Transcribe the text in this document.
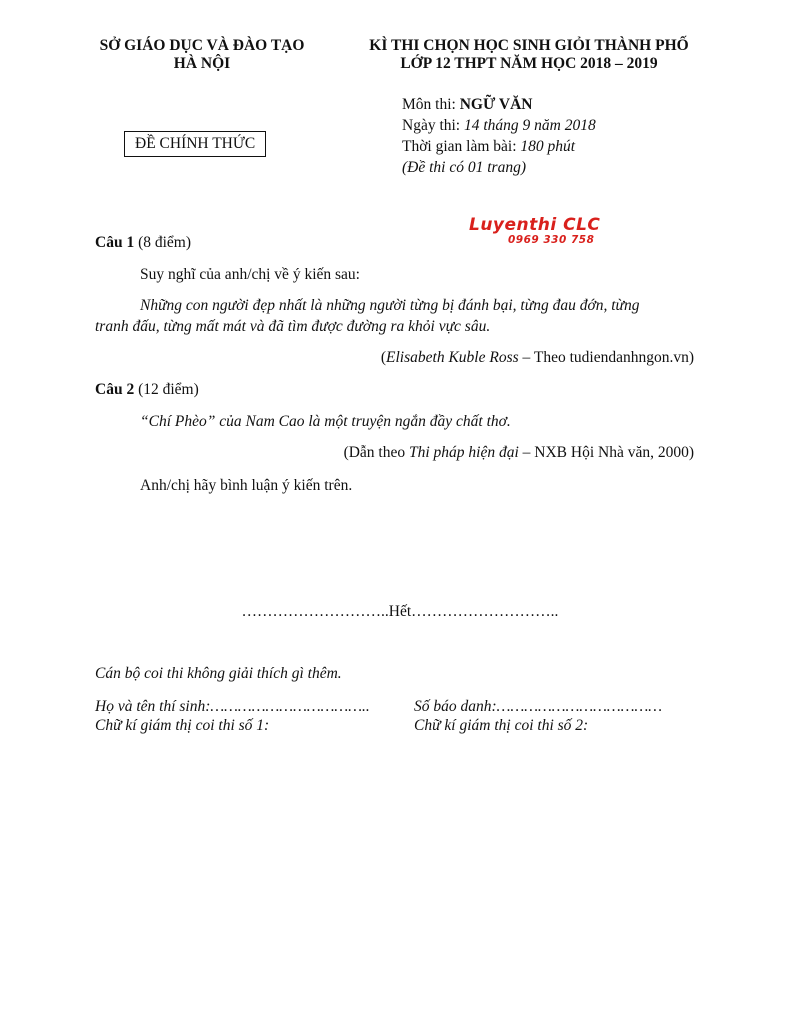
SỞ GIÁO DỤC VÀ ĐÀO TẠO
HÀ NỘI
KÌ THI CHỌN HỌC SINH GIỎI THÀNH PHỐ
LỚP 12 THPT NĂM HỌC 2018 – 2019
ĐỀ CHÍNH THỨC
Môn thi: NGỮ VĂN
Ngày thi: 14 tháng 9 năm 2018
Thời gian làm bài: 180 phút
(Đề thi có 01 trang)
Luyenthi CLC
0969 330 758
Câu 1 (8 điểm)
Suy nghĩ của anh/chị về ý kiến sau:
Những con người đẹp nhất là những người từng bị đánh bại, từng đau đớn, từng
tranh đấu, từng mất mát và đã tìm được đường ra khỏi vực sâu.
(Elisabeth Kuble Ross – Theo tudiendanhngon.vn)
Câu 2 (12 điểm)
“Chí Phèo” của Nam Cao là một truyện ngắn đầy chất thơ.
(Dẫn theo Thi pháp hiện đại – NXB Hội Nhà văn, 2000)
Anh/chị hãy bình luận ý kiến trên.
………………………..Hết………………………..
Cán bộ coi thi không giải thích gì thêm.
Họ và tên thí sinh:……………………………..	Số báo danh:………………………………
Chữ kí giám thị coi thi số 1:	Chữ kí giám thị coi thi số 2:
